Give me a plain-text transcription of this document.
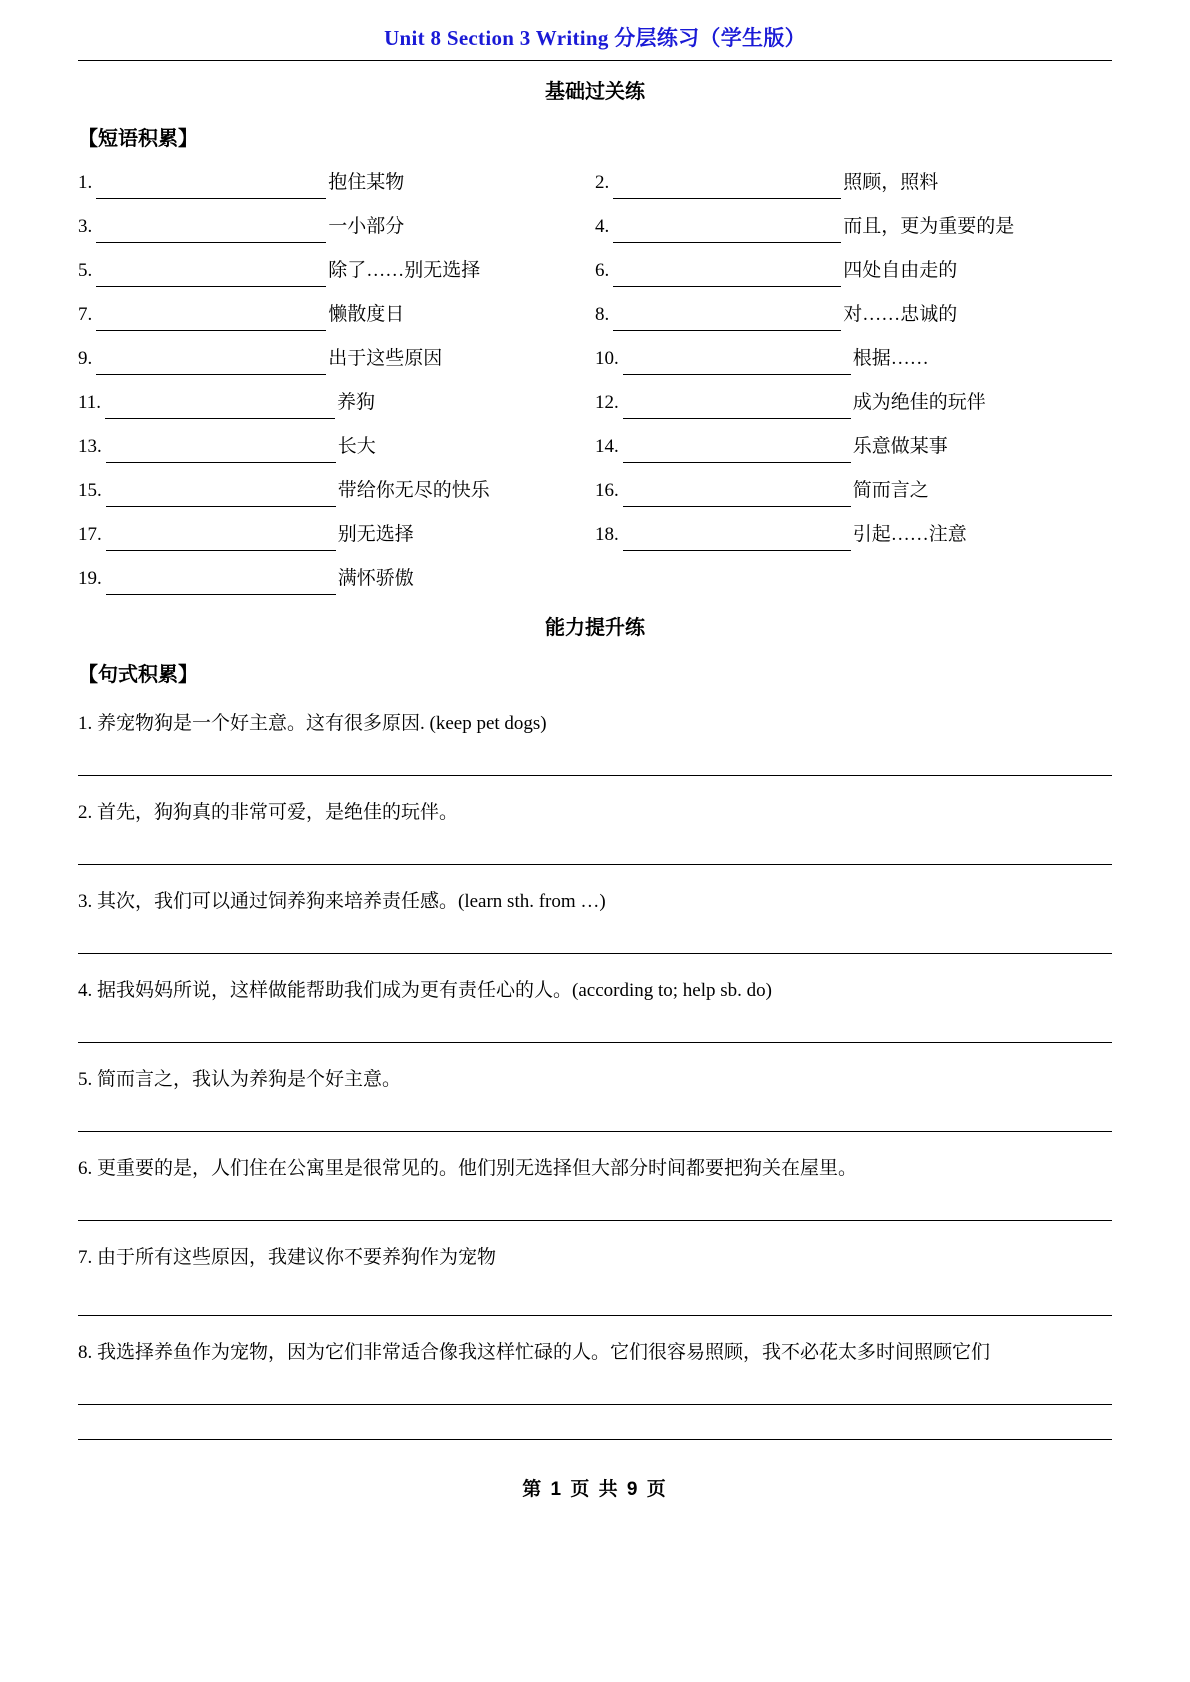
Unit 8 Section 3 Writing 分层练习（学生版）
基础过关练
【短语积累】
1. 抱住某物	2. 照顾，照料

3. 一小部分	4. 而且，更为重要的是

5. 除了……别无选择	6. 四处自由走的

7. 懒散度日	8. 对……忠诚的

9. 出于这些原因	10. 根据……

11. 养狗	12. 成为绝佳的玩伴

13. 长大	14. 乐意做某事

15. 带给你无尽的快乐	16. 简而言之

17. 别无选择	18. 引起……注意

19. 满怀骄傲	

能力提升练
【句式积累】
1. 养宠物狗是一个好主意。这有很多原因. (keep pet dogs)
2. 首先，狗狗真的非常可爱，是绝佳的玩伴。
3. 其次，我们可以通过饲养狗来培养责任感。(learn sth. from …)
4. 据我妈妈所说，这样做能帮助我们成为更有责任心的人。(according to; help sb. do)
5. 简而言之，我认为养狗是个好主意。
6. 更重要的是，人们住在公寓里是很常见的。他们别无选择但大部分时间都要把狗关在屋里。
7. 由于所有这些原因，我建议你不要养狗作为宠物
8. 我选择养鱼作为宠物，因为它们非常适合像我这样忙碌的人。它们很容易照顾，我不必花太多时间照顾它们
第 1 页 共 9 页
